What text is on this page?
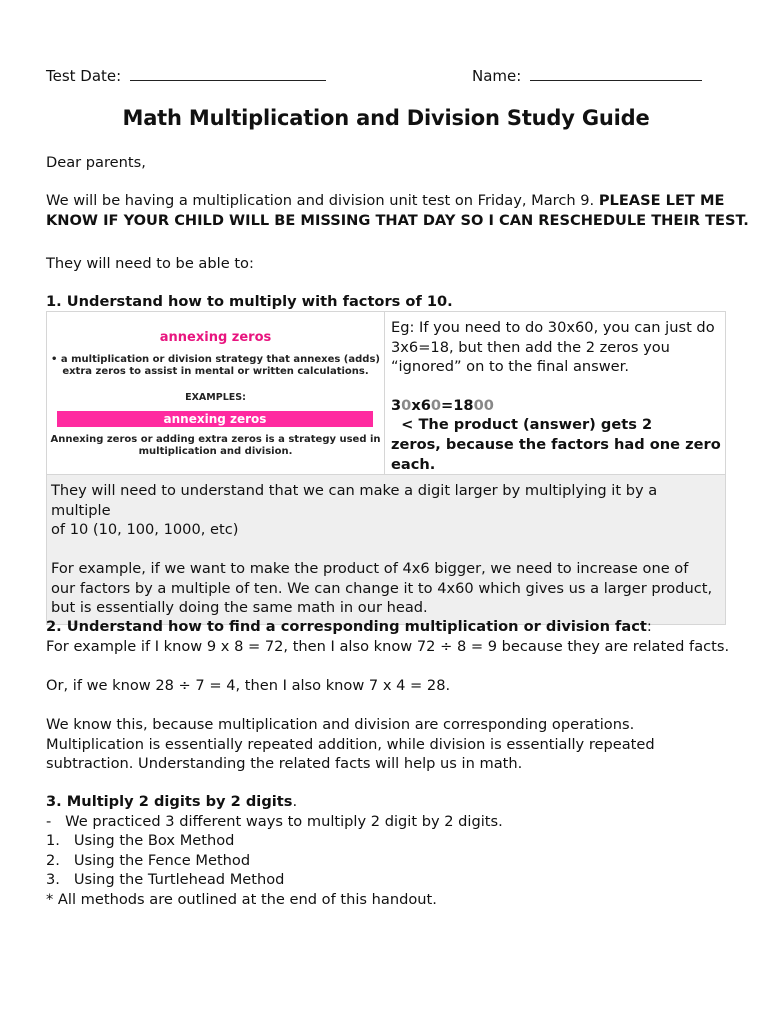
Test Date:	Name:
Math Multiplication and Division Study Guide
Dear parents,
We will be having a multiplication and division unit test on Friday, March 9. PLEASE LET ME
KNOW IF YOUR CHILD WILL BE MISSING THAT DAY SO I CAN RESCHEDULE THEIR TEST.
They will need to be able to:
1. Understand how to multiply with factors of 10.
annexing zeros
• a multiplication or division strategy that annexes (adds)
extra zeros to assist in mental or written calculations.
EXAMPLES:
annexing zeros
Annexing zeros or adding extra zeros is a strategy used in
multiplication and division.

Eg: If you need to do 30x60, you can just do
3x6=18, but then add the 2 zeros you
“ignored” on to the final answer.
30x60=1800  < The product (answer) gets 2
zeros, because the factors had one zero
each.

They will need to understand that we can make a digit larger by multiplying it by a multiple
of 10 (10, 100, 1000, etc)
For example, if we want to make the product of 4x6 bigger, we need to increase one of
our factors by a multiple of ten. We can change it to 4x60 which gives us a larger product,
but is essentially doing the same math in our head.
2. Understand how to find a corresponding multiplication or division fact:
For example if I know 9 x 8 = 72, then I also know 72 ÷ 8 = 9 because they are related facts.

Or, if we know 28 ÷ 7 = 4, then I also know 7 x 4 = 28.

We know this, because multiplication and division are corresponding operations.
Multiplication is essentially repeated addition, while division is essentially repeated
subtraction. Understanding the related facts will help us in math.
3. Multiply 2 digits by 2 digits.
-   We practiced 3 different ways to multiply 2 digit by 2 digits.
1.   Using the Box Method
2.   Using the Fence Method
3.   Using the Turtlehead Method
* All methods are outlined at the end of this handout.
